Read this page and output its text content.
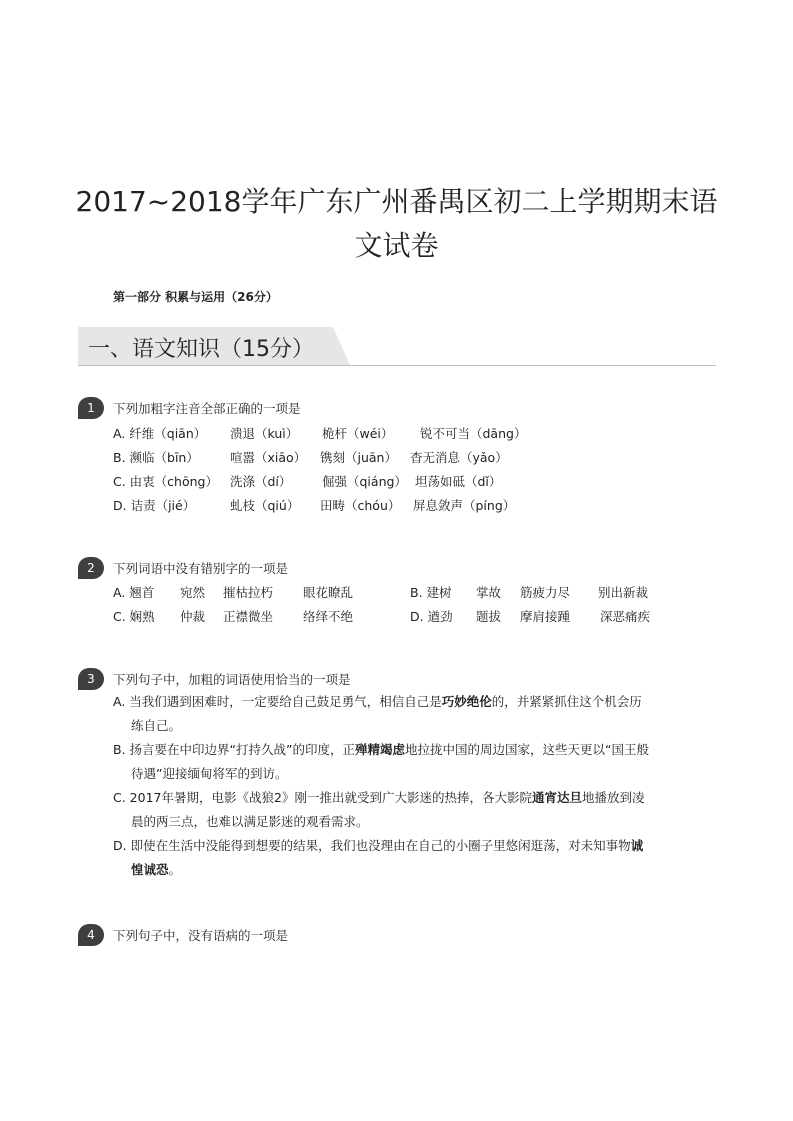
2017~2018学年广东广州番禺区初二上学期期末语
文试卷
第一部分 积累与运用（26分）
一、语文知识（15分）
1	下列加粗字注音全部正确的一项是
A. 纤维（qiān） 溃退（kuì） 桅杆（wéi） 锐不可当（dāng）
B. 濒临（bīn） 喧嚣（xiāo） 镌刻（juān） 杳无消息（yǎo）
C. 由衷（chōng） 洗涤（dí） 倔强（qiáng） 坦荡如砥（dǐ）
D. 诘责（jié）	虬枝（qiú） 田畴（chóu） 屏息敛声（píng）
2	下列词语中没有错别字的一项是
A. 翘首 宛然 摧枯拉朽 眼花瞭乱	B. 建树 掌故 筋疲力尽 别出新裁
C. 娴熟 仲裁 正襟微坐 络绎不绝	D. 遒劲 题拔 摩肩接踵 深恶痛疾
3	下列句子中，加粗的词语使用恰当的一项是
A. 当我们遇到困难时，一定要给自己鼓足勇气，相信自己是巧妙绝伦的，并紧紧抓住这个机会历
练自己。
B. 扬言要在中印边界“打持久战”的印度，正殚精竭虑地拉拢中国的周边国家，这些天更以“国王般
待遇”迎接缅甸将军的到访。
C. 2017年暑期，电影《战狼2》刚一推出就受到广大影迷的热捧，各大影院通宵达旦地播放到凌
晨的两三点，也难以满足影迷的观看需求。
D. 即使在生活中没能得到想要的结果，我们也没理由在自己的小圈子里悠闲逛荡，对未知事物诚
惶诚恐。
4	下列句子中，没有语病的一项是
